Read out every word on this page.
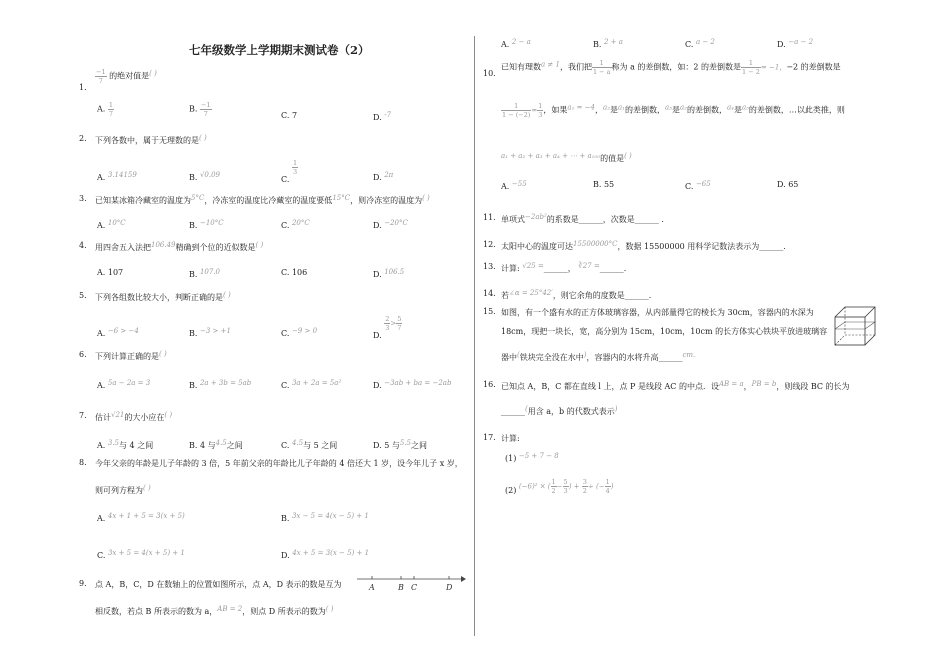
七年级数学上学期期末测试卷（2）
1.
$\frac{-1}{7}$ 的绝对值是( )
A. $\frac{1}{7}$	B. $\frac{-1}{7}$	C. 7	D. -7
2. 下列各数中，属于无理数的是( )
A. 3.14159	B. √0.09	C.
$\frac{1}{3}$
D. 2π
3. 已知某冰箱冷藏室的温度为5°C，冷冻室的温度比冷藏室的温度要低15°C，则冷冻室的温度为( )
A. 10°C	B. −10°C	C. 20°C	D. −20°C
4. 用四舍五入法把106.49精确到个位的近似数是( )
A. 107	B. 107.0	C. 106	D. 106.5
5. 下列各组数比较大小，判断正确的是( )
A. −6 > −4	B. −3 > +1	C. −9 > 0	D.
$\frac{2}{3} > \frac{5}{7}$
6. 下列计算正确的是( )
A. 5a − 2a = 3	B. 2a + 3b = 5ab	C. 3a + 2a = 5a²	D. −3ab + ba = −2ab
7. 估计√21的大小应在( )
A. 3.5与 4 之间	B. 4 与4.5之间	C. 4.5与 5 之间	D. 5 与5.5之间
8. 今年父亲的年龄是儿子年龄的 3 倍，5 年前父亲的年龄比儿子年龄的 4 倍还大 1 岁，设今年儿子 x 岁，
则可列方程为( )
A. 4x + 1 + 5 = 3(x + 5)	B. 3x − 5 = 4(x − 5) + 1
C. 3x + 5 = 4(x + 5) + 1	D. 4x + 5 = 3(x − 5) + 1
9. 点 A，B，C，D 在数轴上的位置如图所示，点 A，D 表示的数是互为
相反数，若点 B 所表示的数为 a，AB = 2，则点 D 所表示的数为( )
A	B C	D
A. 2 − a	B. 2 + a	C. a − 2	D. −a − 2
10.
已知有理数a ≠ 1，我们把 $\frac{1}{1 - a}$ 称为 a 的差倒数，如：2 的差倒数是 $\frac{1}{1 - 2} = -1$，−2 的差倒数是
$\frac{1}{1 - (-2)} = \frac{1}{3}$ ，如果a₁ = −4，a₂是a₁的差倒数，a₃是a₂的差倒数，a₄是a₃的差倒数，…以此类推，则
a₁ + a₂ + a₃ + a₄ + ⋯ + a₁₀₀的值是( )
A. −55	B. 55	C. −65	D. 65
11. 单项式−2ab²的系数是______，次数是______ .
12. 太阳中心的温度可达15500000°C，数据 15500000 用科学记数法表示为______.
13. 计算: √25 =______， ∛27 =______.
14. 若∠α = 25°42′，则它余角的度数是______.
15. 如图，有一个盛有水的正方体玻璃容器，从内部量得它的棱长为 30cm，容器内的水深为
18cm，现把一块长，宽，高分别为 15cm，10cm，10cm 的长方体实心铁块平放进玻璃容
器中(铁块完全没在水中)，容器内的水将升高______cm.
16. 已知点 A，B，C 都在直线 l 上，点 P 是线段 AC 的中点．设AB = a，PB = b，则线段 BC 的长为
______(用含 a，b 的代数式表示)
17. 计算:
(1) −5 + 7 − 8
(2) (−6)² × ( $\frac{1}{2} - \frac{5}{3}$ ) + $\frac{3}{2}$ ÷ (− $\frac{1}{4}$ )
